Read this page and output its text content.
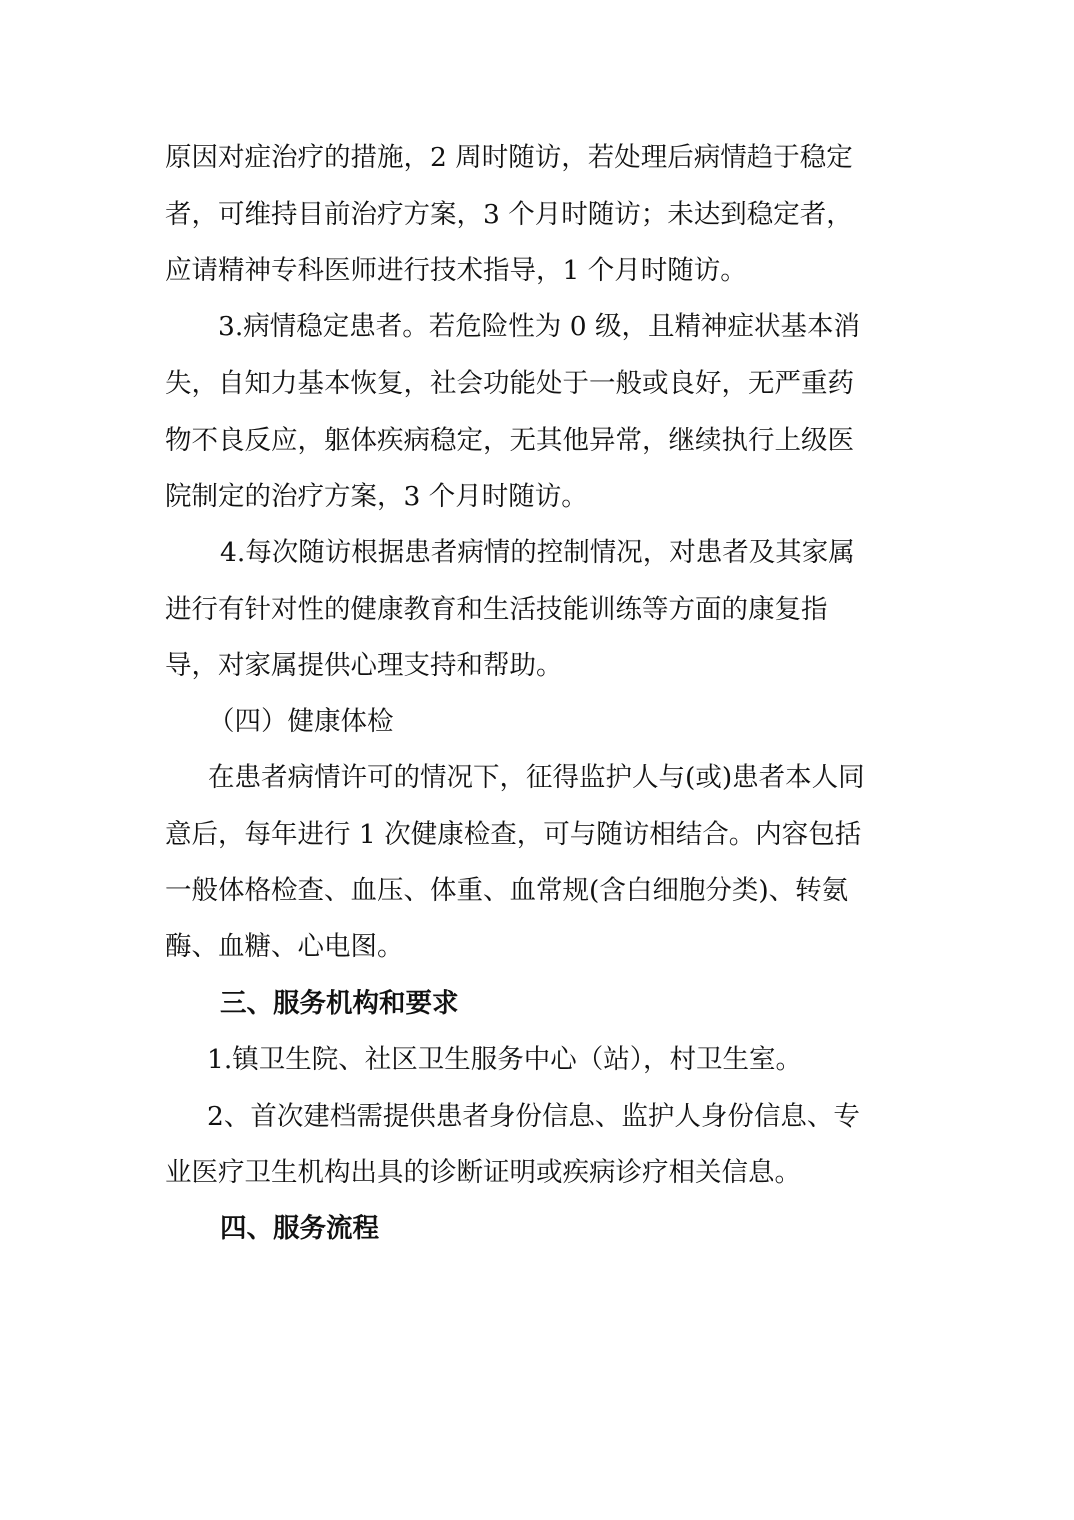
原因对症治疗的措施，2 周时随访，若处理后病情趋于稳定

者，可维持目前治疗方案，3 个月时随访；未达到稳定者，

应请精神专科医师进行技术指导，1 个月时随访。

3.病情稳定患者。若危险性为 0 级，且精神症状基本消

失，自知力基本恢复，社会功能处于一般或良好，无严重药

物不良反应，躯体疾病稳定，无其他异常，继续执行上级医

院制定的治疗方案，3 个月时随访。

4.每次随访根据患者病情的控制情况，对患者及其家属

进行有针对性的健康教育和生活技能训练等方面的康复指

导，对家属提供心理支持和帮助。

（四）健康体检

在患者病情许可的情况下，征得监护人与(或)患者本人同

意后，每年进行 1 次健康检查，可与随访相结合。内容包括

一般体格检查、血压、体重、血常规(含白细胞分类)、转氨

酶、血糖、心电图。

三、服务机构和要求

1.镇卫生院、社区卫生服务中心（站），村卫生室。

2、首次建档需提供患者身份信息、监护人身份信息、专

业医疗卫生机构出具的诊断证明或疾病诊疗相关信息。

四、服务流程
